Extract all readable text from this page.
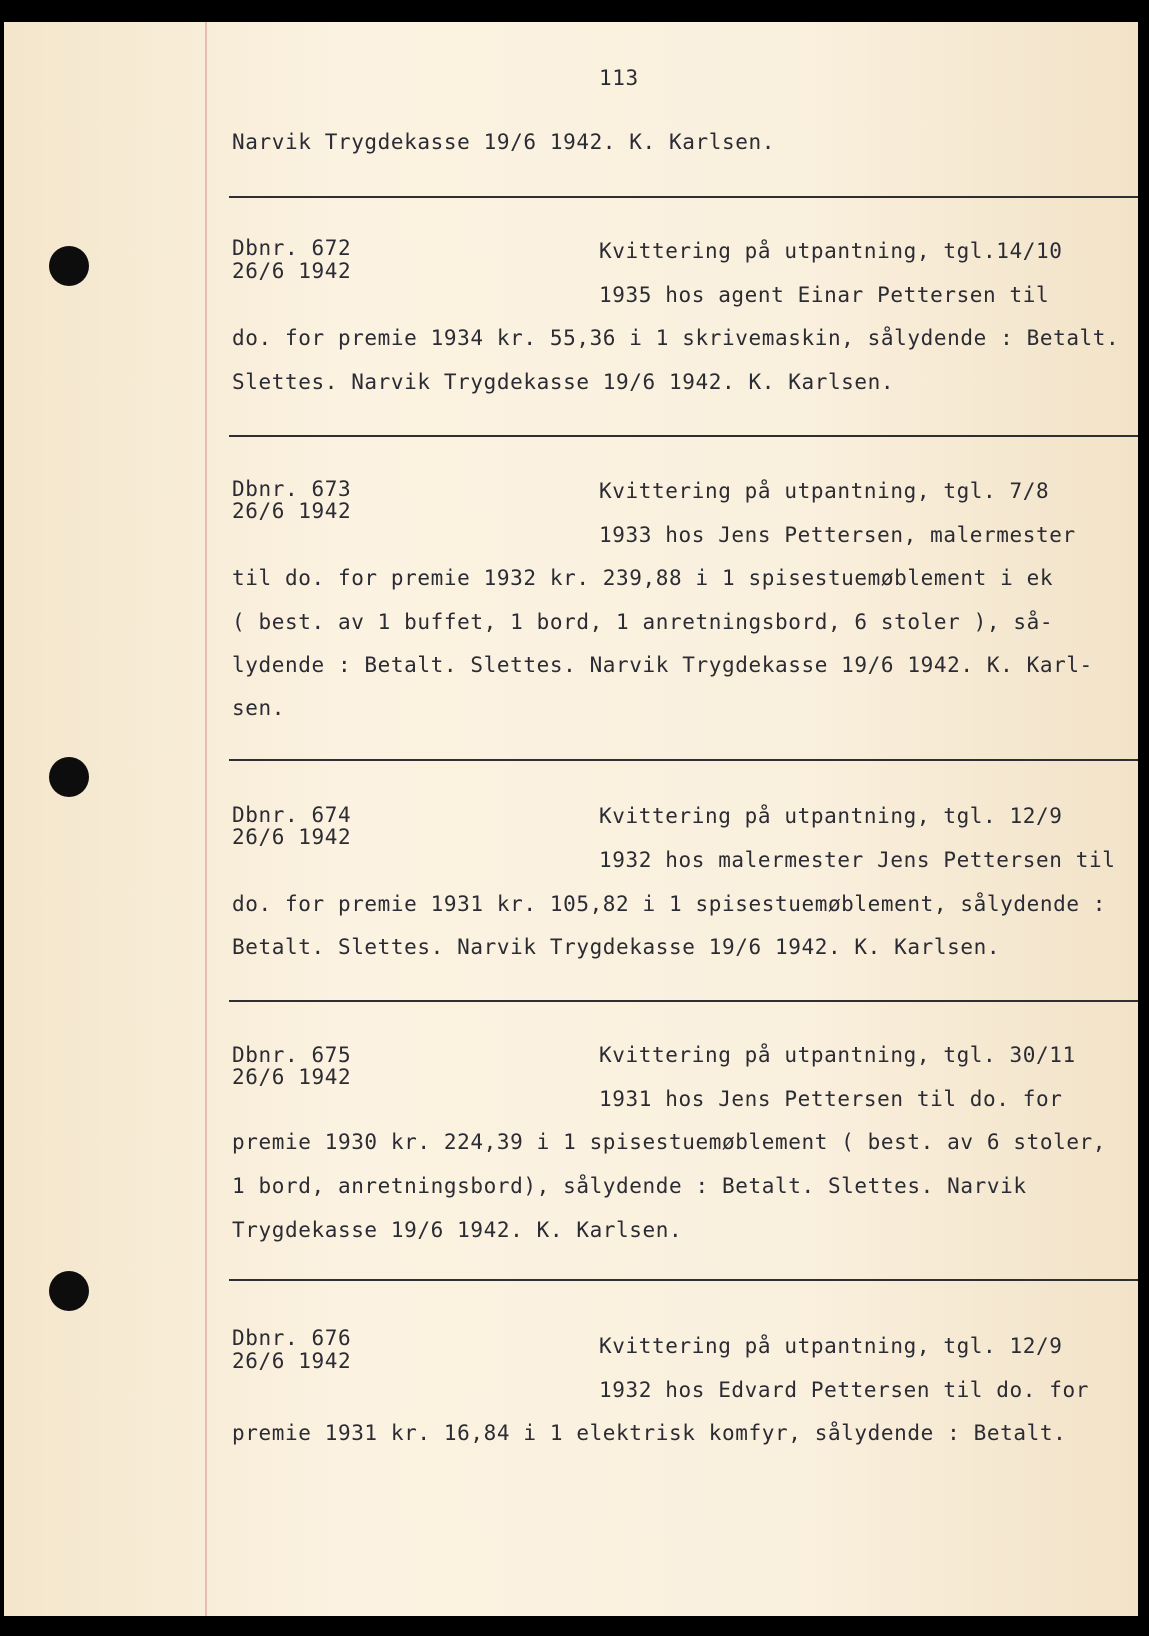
113
Narvik Trygdekasse 19/6 1942. K. Karlsen.
Dbnr. 672
26/6 1942
Kvittering på utpantning, tgl.14/10
1935 hos agent Einar Pettersen til
do. for premie 1934 kr. 55,36 i 1 skrivemaskin, sålydende : Betalt.
Slettes. Narvik Trygdekasse 19/6 1942. K. Karlsen.
Dbnr. 673
26/6 1942
Kvittering på utpantning, tgl. 7/8
1933 hos Jens Pettersen, malermester
til do. for premie 1932 kr. 239,88 i 1 spisestuemøblement i ek
( best. av 1 buffet, 1 bord, 1 anretningsbord, 6 stoler ), så-
lydende : Betalt. Slettes. Narvik Trygdekasse 19/6 1942. K. Karl-
sen.
Dbnr. 674
26/6 1942
Kvittering på utpantning, tgl. 12/9
1932 hos malermester Jens Pettersen til
do. for premie 1931 kr. 105,82 i 1 spisestuemøblement, sålydende :
Betalt. Slettes. Narvik Trygdekasse 19/6 1942. K. Karlsen.
Dbnr. 675
26/6 1942
Kvittering på utpantning, tgl. 30/11
1931 hos Jens Pettersen til do. for
premie 1930 kr. 224,39 i 1 spisestuemøblement ( best. av 6 stoler,
1 bord, anretningsbord), sålydende : Betalt. Slettes. Narvik
Trygdekasse 19/6 1942. K. Karlsen.
Dbnr. 676
26/6 1942
Kvittering på utpantning, tgl. 12/9
1932 hos Edvard Pettersen til do. for
premie 1931 kr. 16,84 i 1 elektrisk komfyr, sålydende : Betalt.
